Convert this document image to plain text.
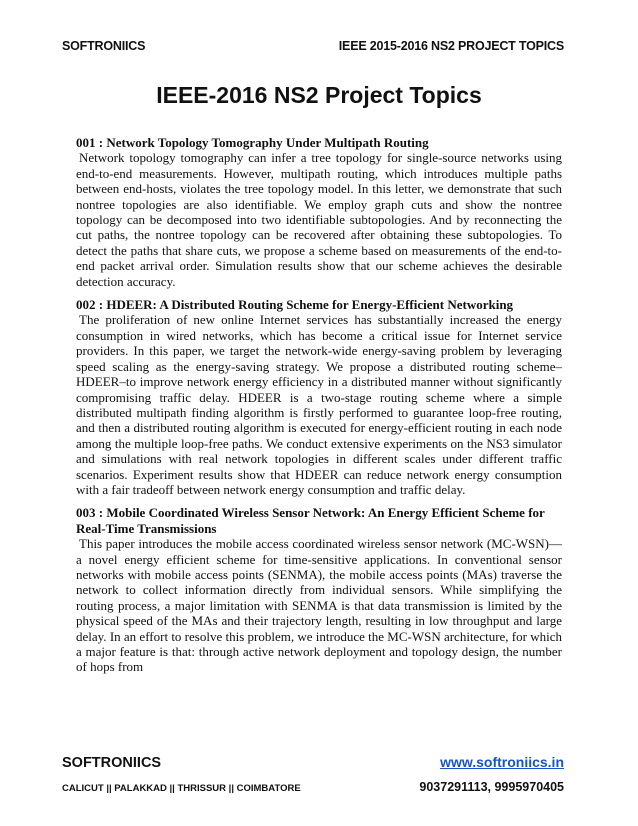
SOFTRONIICS	IEEE 2015-2016 NS2 PROJECT TOPICS
IEEE-2016 NS2 Project Topics

001 : Network Topology Tomography Under Multipath Routing

Network topology tomography can infer a tree topology for single-source networks using end-to-end measurements. However, multipath routing, which introduces multiple paths between end-hosts, violates the tree topology model. In this letter, we demonstrate that such nontree topologies are also identifiable. We employ graph cuts and show the nontree topology can be decomposed into two identifiable subtopologies. And by reconnecting the cut paths, the nontree topology can be recovered after obtaining these subtopologies. To detect the paths that share cuts, we propose a scheme based on measurements of the end-to-end packet arrival order. Simulation results show that our scheme achieves the desirable detection accuracy.

002 : HDEER: A Distributed Routing Scheme for Energy-Efficient Networking

The proliferation of new online Internet services has substantially increased the energy consumption in wired networks, which has become a critical issue for Internet service providers. In this paper, we target the network-wide energy-saving problem by leveraging speed scaling as the energy-saving strategy. We propose a distributed routing scheme–HDEER–to improve network energy efficiency in a distributed manner without significantly compromising traffic delay. HDEER is a two-stage routing scheme where a simple distributed multipath finding algorithm is firstly performed to guarantee loop-free routing, and then a distributed routing algorithm is executed for energy-efficient routing in each node among the multiple loop-free paths. We conduct extensive experiments on the NS3 simulator and simulations with real network topologies in different scales under different traffic scenarios. Experiment results show that HDEER can reduce network energy consumption with a fair tradeoff between network energy consumption and traffic delay.

003 : Mobile Coordinated Wireless Sensor Network: An Energy Efficient Scheme for Real-Time Transmissions

This paper introduces the mobile access coordinated wireless sensor network (MC-WSN)—a novel energy efficient scheme for time-sensitive applications. In conventional sensor networks with mobile access points (SENMA), the mobile access points (MAs) traverse the network to collect information directly from individual sensors. While simplifying the routing process, a major limitation with SENMA is that data transmission is limited by the physical speed of the MAs and their trajectory length, resulting in low throughput and large delay. In an effort to resolve this problem, we introduce the MC-WSN architecture, for which a major feature is that: through active network deployment and topology design, the number of hops from

SOFTRONIICS	www.softroniics.in
CALICUT || PALAKKAD || THRISSUR || COIMBATORE	9037291113, 9995970405
